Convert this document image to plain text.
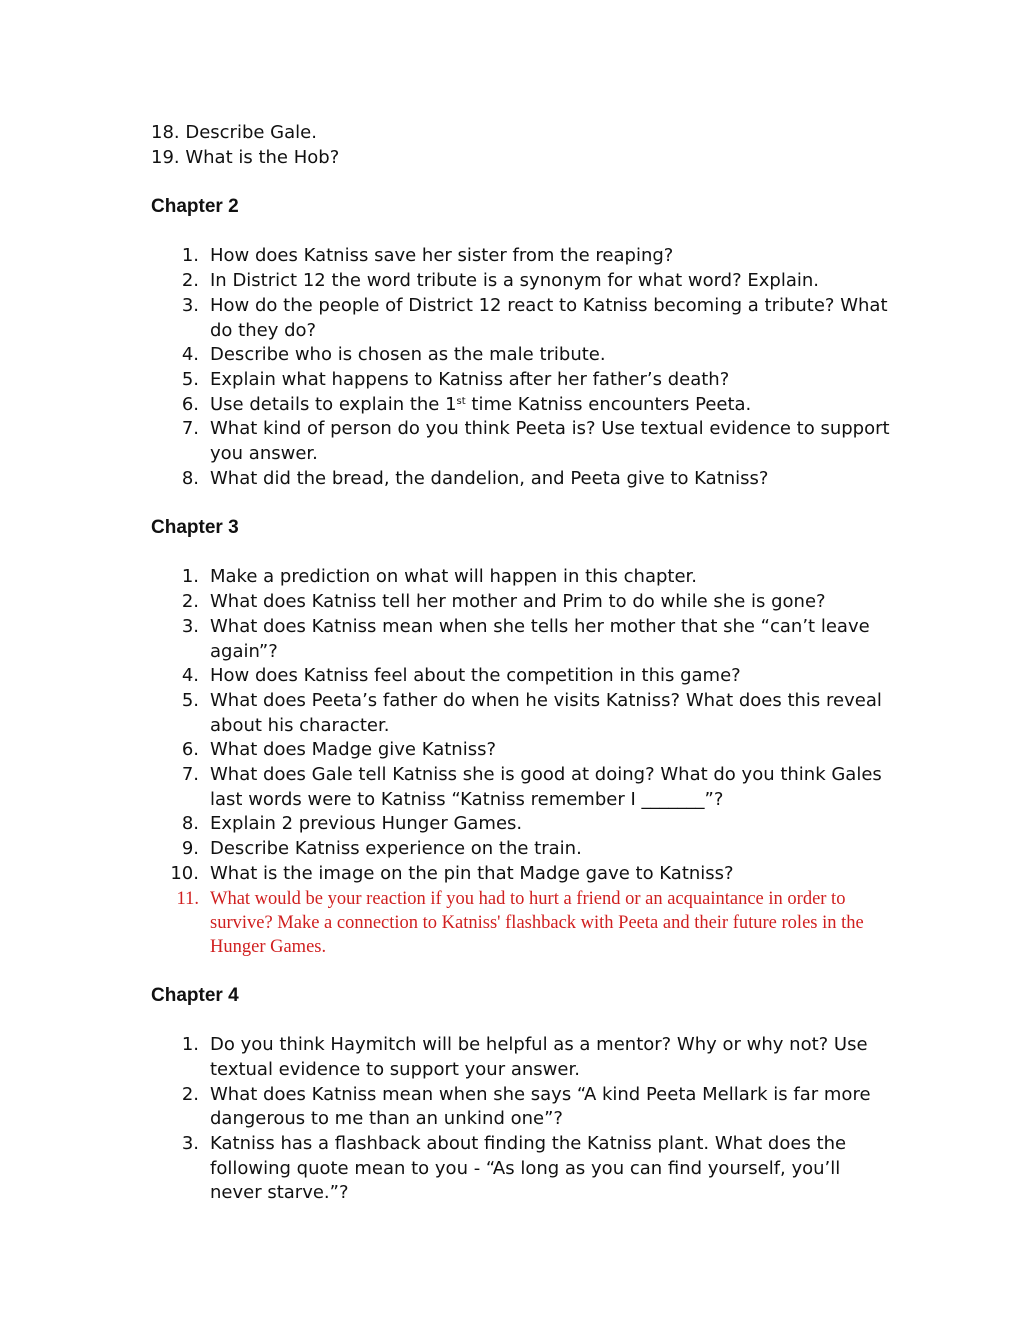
18. Describe Gale.

19. What is the Hob?

Chapter 2
1. How does Katniss save her sister from the reaping?
2. In District 12 the word tribute is a synonym for what word? Explain.
3. How do the people of District 12 react to Katniss becoming a tribute? What do they do?
4. Describe who is chosen as the male tribute.
5. Explain what happens to Katniss after her father’s death?
6. Use details to explain the 1st time Katniss encounters Peeta.
7. What kind of person do you think Peeta is? Use textual evidence to support you answer.
8. What did the bread, the dandelion, and Peeta give to Katniss?
Chapter 3
1. Make a prediction on what will happen in this chapter.
2. What does Katniss tell her mother and Prim to do while she is gone?
3. What does Katniss mean when she tells her mother that she “can’t leave again”?
4. How does Katniss feel about the competition in this game?
5. What does Peeta’s father do when he visits Katniss? What does this reveal about his character.
6. What does Madge give Katniss?
7. What does Gale tell Katniss she is good at doing? What do you think Gales last words were to Katniss “Katniss remember I _______”?
8. Explain 2 previous Hunger Games.
9. Describe Katniss experience on the train.
10. What is the image on the pin that Madge gave to Katniss?
11. What would be your reaction if you had to hurt a friend or an acquaintance in order to survive? Make a connection to Katniss' flashback with Peeta and their future roles in the Hunger Games.
Chapter 4
1. Do you think Haymitch will be helpful as a mentor? Why or why not? Use textual evidence to support your answer.
2. What does Katniss mean when she says “A kind Peeta Mellark is far more dangerous to me than an unkind one”?
3. Katniss has a flashback about finding the Katniss plant. What does the following quote mean to you - “As long as you can find yourself, you’ll never starve.”?
